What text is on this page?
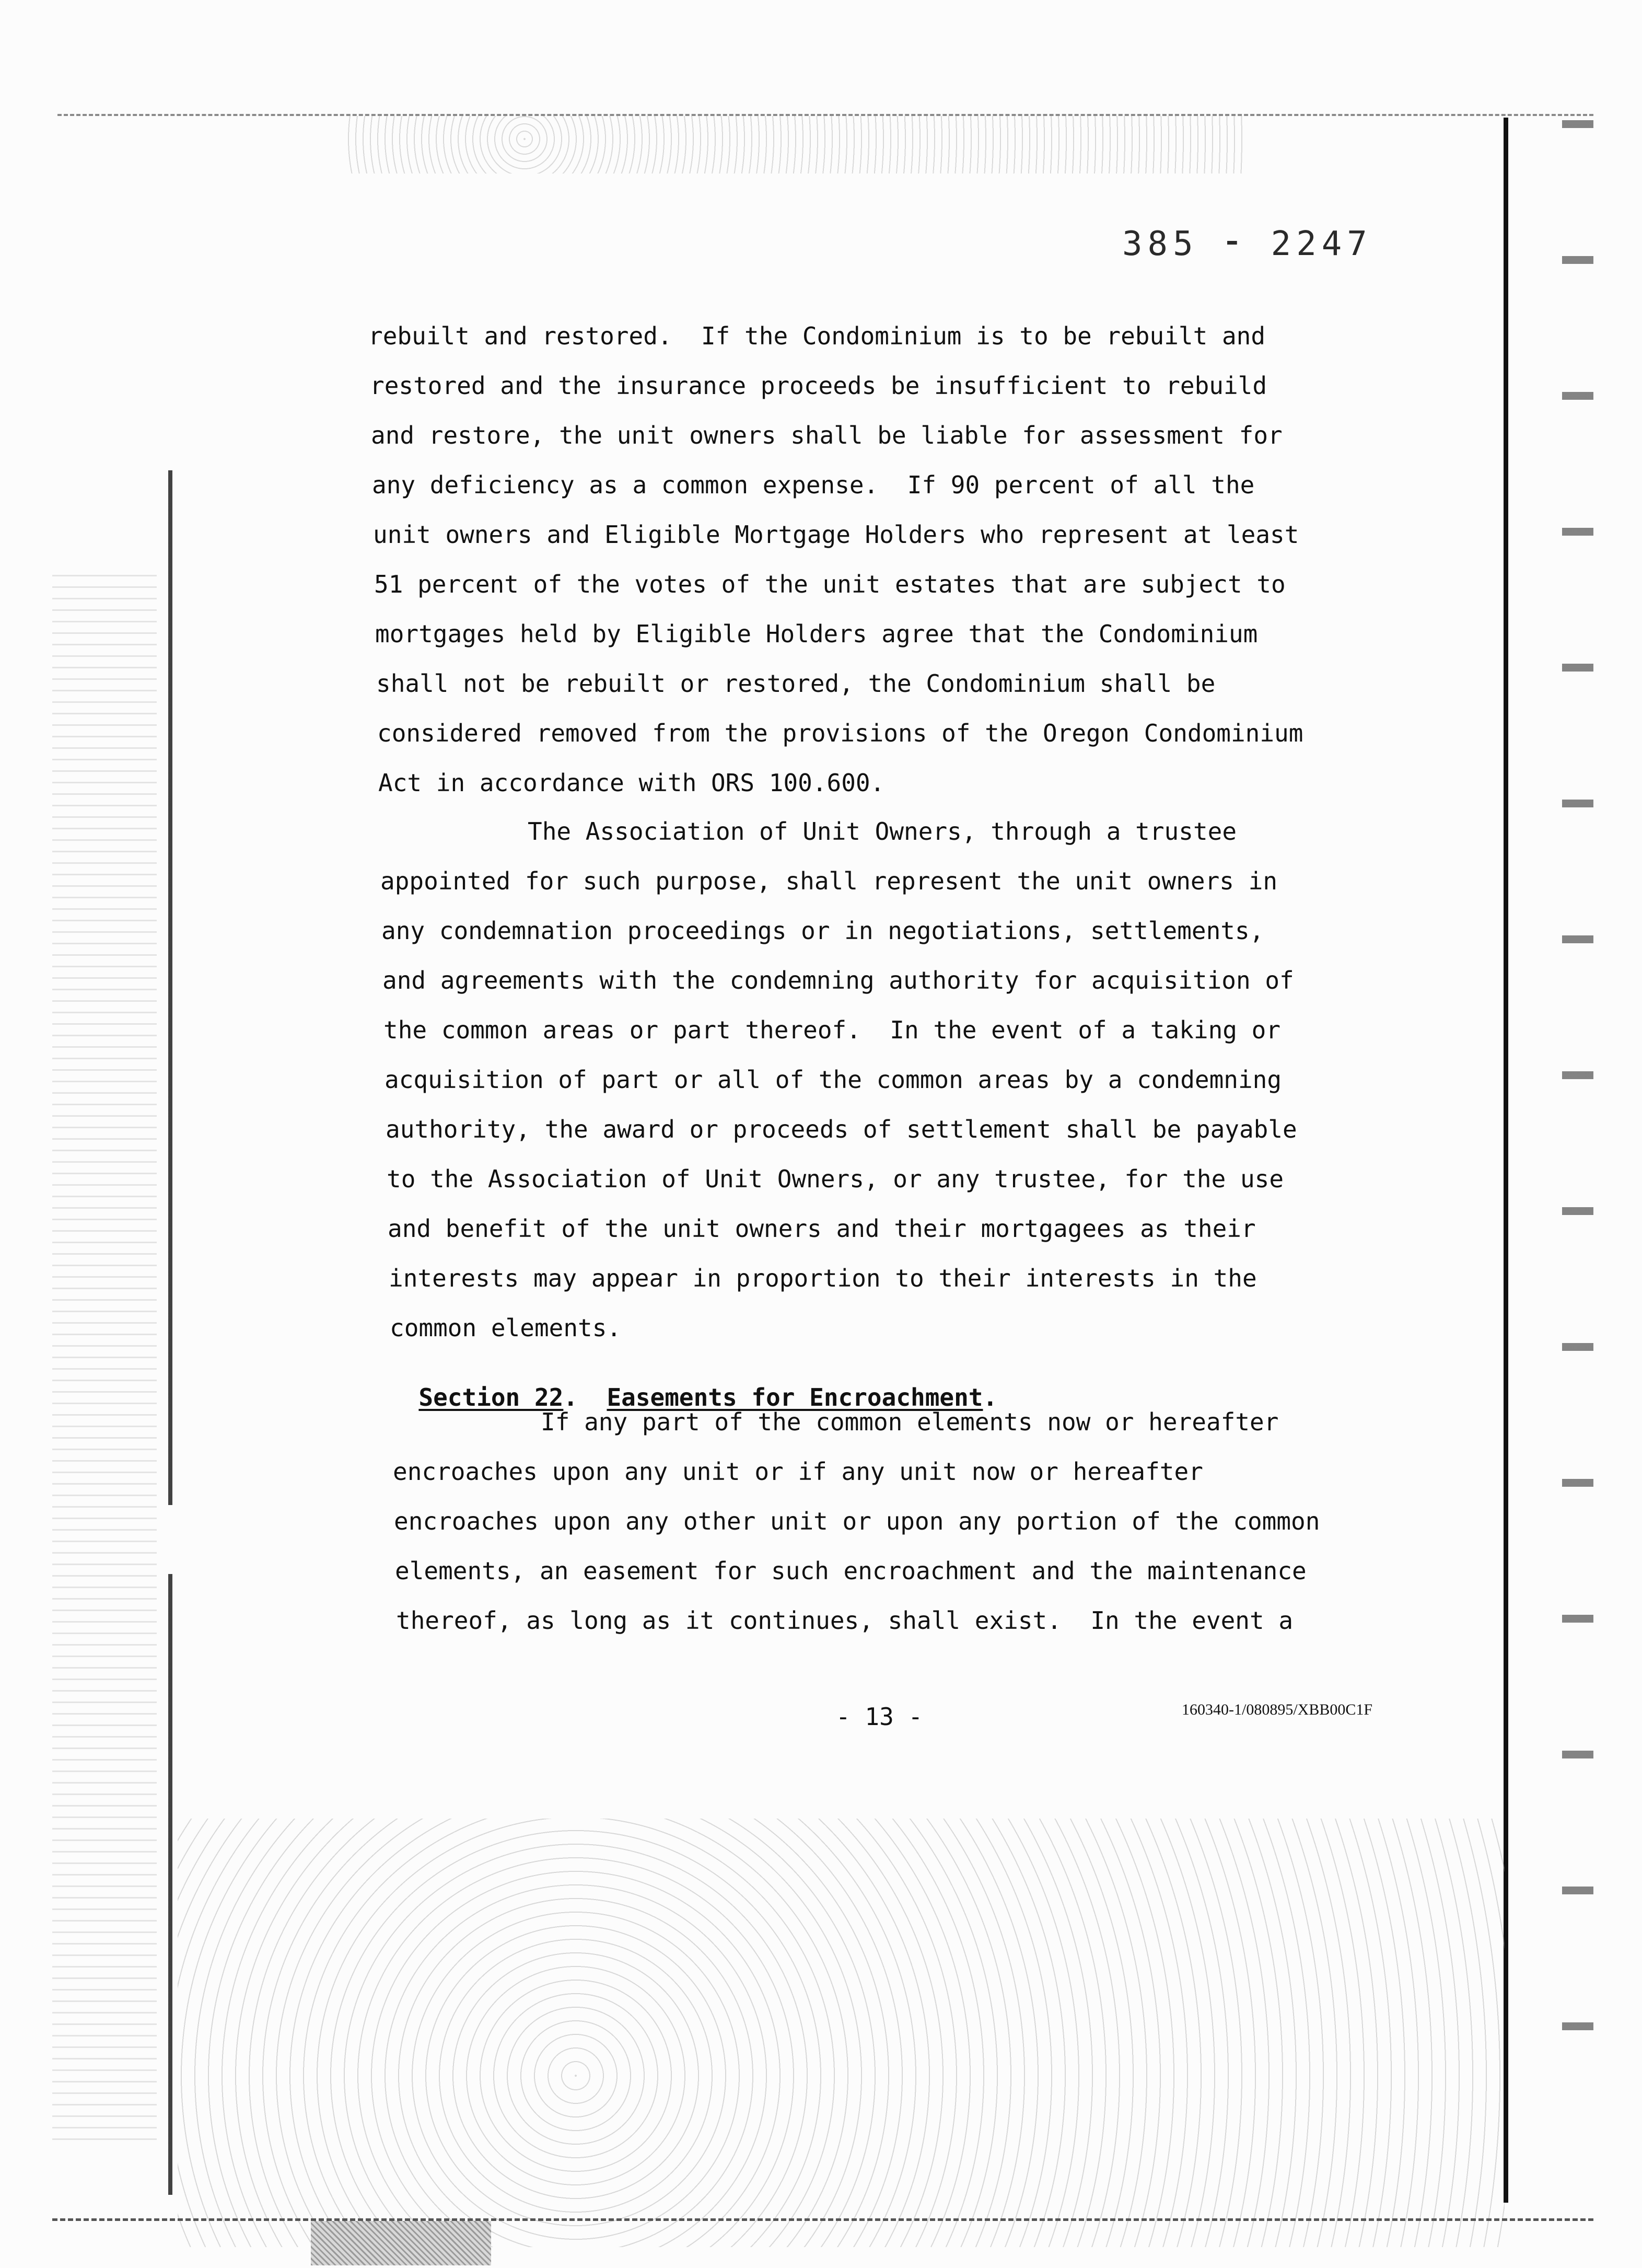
385 ⁃ 2247
rebuilt and restored.  If the Condominium is to be rebuilt and
restored and the insurance proceeds be insufficient to rebuild
and restore, the unit owners shall be liable for assessment for
any deficiency as a common expense.  If 90 percent of all the
unit owners and Eligible Mortgage Holders who represent at least
51 percent of the votes of the unit estates that are subject to
mortgages held by Eligible Holders agree that the Condominium
shall not be rebuilt or restored, the Condominium shall be
considered removed from the provisions of the Oregon Condominium
Act in accordance with ORS 100.600.
The Association of Unit Owners, through a trustee
appointed for such purpose, shall represent the unit owners in
any condemnation proceedings or in negotiations, settlements,
and agreements with the condemning authority for acquisition of
the common areas or part thereof.  In the event of a taking or
acquisition of part or all of the common areas by a condemning
authority, the award or proceeds of settlement shall be payable
to the Association of Unit Owners, or any trustee, for the use
and benefit of the unit owners and their mortgagees as their
interests may appear in proportion to their interests in the
common elements.

Section 22.  Easements for Encroachment.

If any part of the common elements now or hereafter
encroaches upon any unit or if any unit now or hereafter
encroaches upon any other unit or upon any portion of the common
elements, an easement for such encroachment and the maintenance
thereof, as long as it continues, shall exist.  In the event a
- 13 -	160340-1/080895/XBB00C1F
